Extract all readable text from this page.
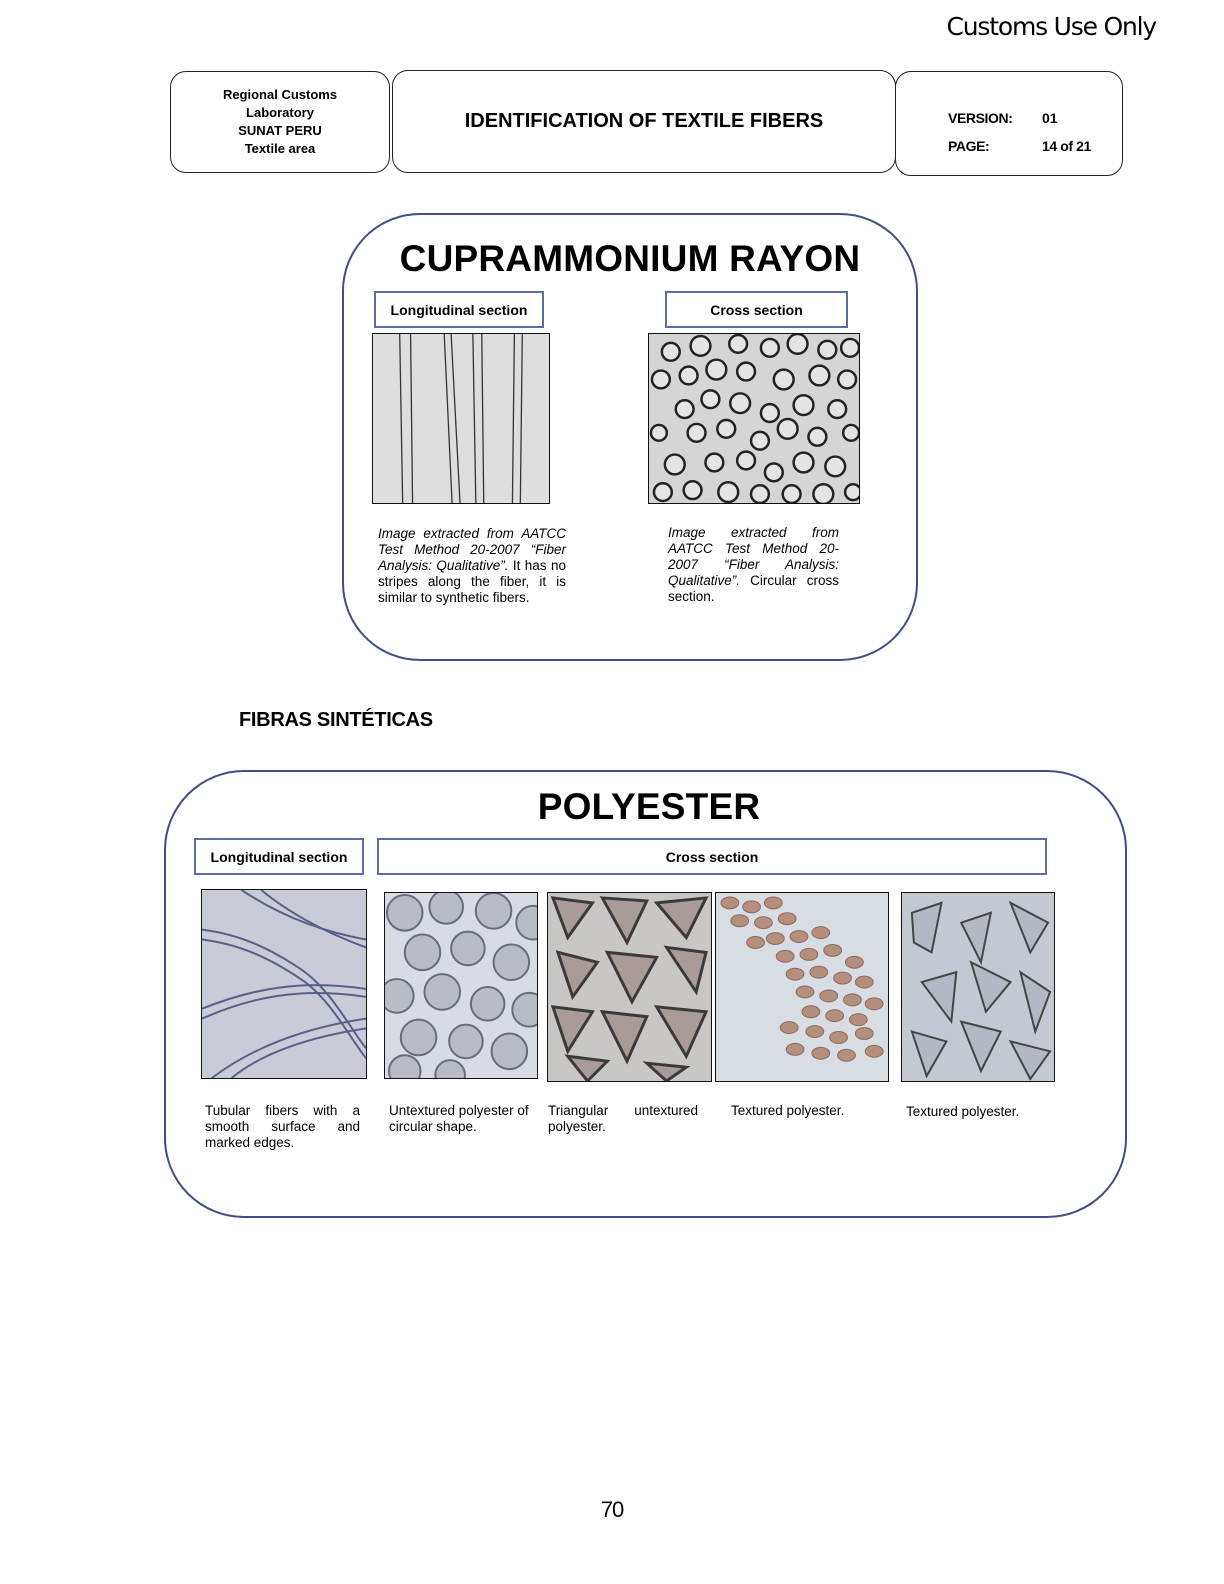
Customs Use Only
Regional Customs
Laboratory
SUNAT PERU
Textile area
IDENTIFICATION OF TEXTILE FIBERS	VERSION: 01
PAGE:	14 of 21
CUPRAMMONIUM RAYON
Longitudinal section	Cross section
Image extracted from AATCC Test Method 20-2007 “Fiber Analysis: Qualitative”. It has no stripes along the fiber, it is similar to synthetic fibers.
Image extracted from AATCC Test Method 20-2007 “Fiber Analysis: Qualitative”. Circular cross section.
FIBRAS SINTÉTICAS
POLYESTER
Longitudinal section	Cross section
Tubular fibers with a smooth surface and marked edges.
Untextured polyester of circular shape.
Triangular untextured polyester.
Textured polyester.	Textured polyester.
70
